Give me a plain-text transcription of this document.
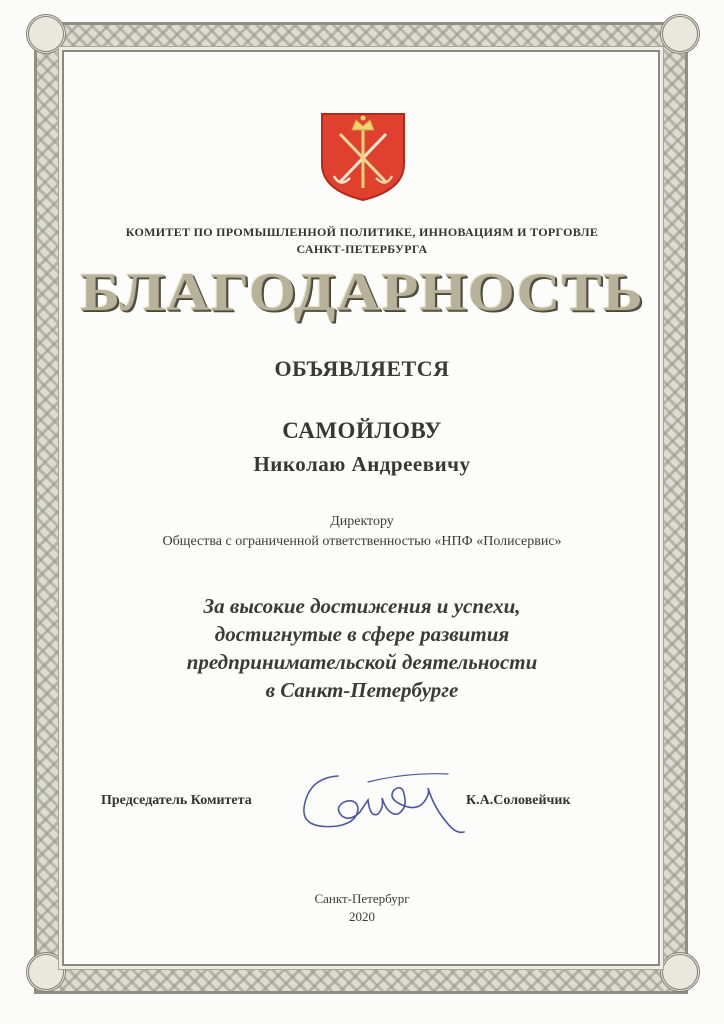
КОМИТЕТ ПО ПРОМЫШЛЕННОЙ ПОЛИТИКЕ, ИННОВАЦИЯМ И ТОРГОВЛЕ
САНКТ-ПЕТЕРБУРГА
БЛАГОДАРНОСТЬ
ОБЪЯВЛЯЕТСЯ
САМОЙЛОВУ
Николаю Андреевичу
Директору
Общества с ограниченной ответственностью «НПФ «Полисервис»
За высокие достижения и успехи,
достигнутые в сфере развития
предпринимательской деятельности
в Санкт-Петербурге
Председатель Комитета	К.А.Соловейчик
Санкт-Петербург
2020
